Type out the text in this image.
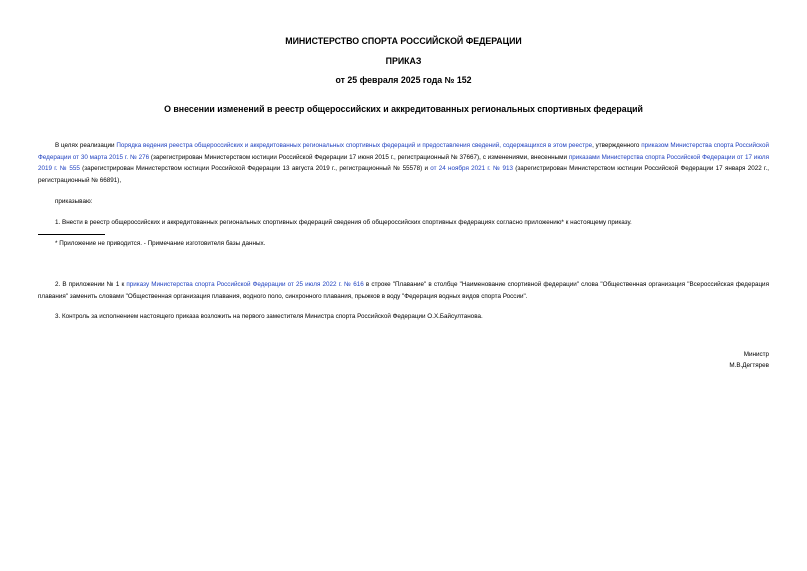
МИНИСТЕРСТВО СПОРТА РОССИЙСКОЙ ФЕДЕРАЦИИ
ПРИКАЗ
от 25 февраля 2025 года № 152
О внесении изменений в реестр общероссийских и аккредитованных региональных спортивных федераций
В целях реализации Порядка ведения реестра общероссийских и аккредитованных региональных спортивных федераций и предоставления сведений, содержащихся в этом реестре, утвержденного приказом Министерства спорта Российской Федерации от 30 марта 2015 г. № 276 (зарегистрирован Министерством юстиции Российской Федерации 17 июня 2015 г., регистрационный № 37667), с изменениями, внесенными приказами Министерства спорта Российской Федерации от 17 июля 2019 г. № 555 (зарегистрирован Министерством юстиции Российской Федерации 13 августа 2019 г., регистрационный № 55578) и от 24 ноября 2021 г. № 913 (зарегистрирован Министерством юстиции Российской Федерации 17 января 2022 г., регистрационный № 66891),
приказываю:
1. Внести в реестр общероссийских и аккредитованных региональных спортивных федераций сведения об общероссийских спортивных федерациях согласно приложению* к настоящему приказу.
* Приложение не приводится. - Примечание изготовителя базы данных.
2. В приложении № 1 к приказу Министерства спорта Российской Федерации от 25 июля 2022 г. № 616 в строке "Плавание" в столбце "Наименование спортивной федерации" слова "Общественная организация "Всероссийская федерация плавания" заменить словами "Общественная организация плавания, водного поло, синхронного плавания, прыжков в воду "Федерация водных видов спорта России".
3. Контроль за исполнением настоящего приказа возложить на первого заместителя Министра спорта Российской Федерации О.Х.Байсултанова.
Министр
М.В.Дегтярев
